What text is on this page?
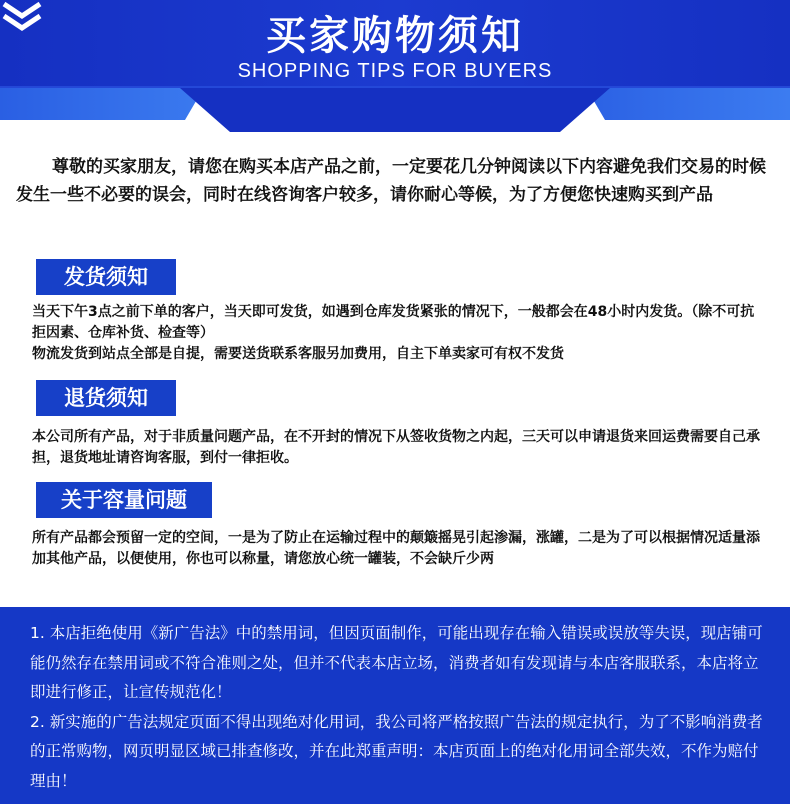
买家购物须知
SHOPPING TIPS FOR BUYERS

尊敬的买家朋友，请您在购买本店产品之前，一定要花几分钟阅读以下内容避免我们交易的时候发生一些不必要的误会，同时在线咨询客户较多，请你耐心等候，为了方便您快速购买到产品

发货须知

当天下午3点之前下单的客户，当天即可发货，如遇到仓库发货紧张的情况下，一般都会在48小时内发货。（除不可抗拒因素、仓库补货、检查等）

物流发货到站点全部是自提，需要送货联系客服另加费用，自主下单卖家可有权不发货

退货须知

本公司所有产品，对于非质量问题产品，在不开封的情况下从签收货物之内起，三天可以申请退货来回运费需要自己承担，退货地址请咨询客服，到付一律拒收。

关于容量问题

所有产品都会预留一定的空间，一是为了防止在运输过程中的颠簸摇晃引起渗漏，涨罐，二是为了可以根据情况适量添加其他产品，以便使用，你也可以称量，请您放心统一罐装，不会缺斤少两

1. 本店拒绝使用《新广告法》中的禁用词，但因页面制作，可能出现存在输入错误或误放等失误，现店铺可能仍然存在禁用词或不符合准则之处，但并不代表本店立场，消费者如有发现请与本店客服联系，本店将立即进行修正，让宣传规范化！

2. 新实施的广告法规定页面不得出现绝对化用词，我公司将严格按照广告法的规定执行，为了不影响消费者的正常购物，网页明显区域已排查修改，并在此郑重声明：本店页面上的绝对化用词全部失效，不作为赔付理由！
